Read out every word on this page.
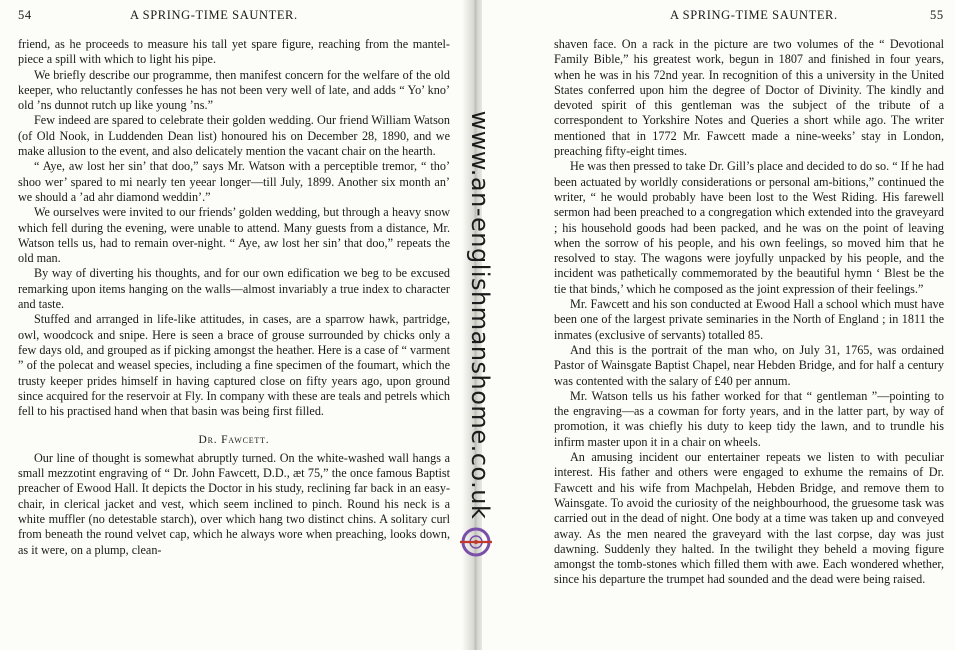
54	A SPRING-TIME SAUNTER.

friend, as he proceeds to measure his tall yet spare figure, reaching from the mantel-piece a spill with which to light his pipe.

We briefly describe our programme, then manifest concern for the welfare of the old keeper, who reluctantly confesses he has not been very well of late, and adds “ Yo’ kno’ old ’ns dunnot rutch up like young ’ns.”

Few indeed are spared to celebrate their golden wedding. Our friend William Watson (of Old Nook, in Luddenden Dean list) honoured his on December 28, 1890, and we make allusion to the event, and also delicately mention the vacant chair on the hearth.

“ Aye, aw lost her sin’ that doo,” says Mr. Watson with a perceptible tremor, “ tho’ shoo wer’ spared to mi nearly ten yeear longer—till July, 1899. Another six month an’ we should a ’ad ahr diamond weddin’.”

We ourselves were invited to our friends’ golden wedding, but through a heavy snow which fell during the evening, were unable to attend. Many guests from a distance, Mr. Watson tells us, had to remain over-night. “ Aye, aw lost her sin’ that doo,” repeats the old man.

By way of diverting his thoughts, and for our own edification we beg to be excused remarking upon items hanging on the walls—almost invariably a true index to character and taste.

Stuffed and arranged in life-like attitudes, in cases, are a sparrow hawk, partridge, owl, woodcock and snipe. Here is seen a brace of grouse surrounded by chicks only a few days old, and grouped as if picking amongst the heather. Here is a case of “ varment ” of the polecat and weasel species, including a fine specimen of the foumart, which the trusty keeper prides himself in having captured close on fifty years ago, upon ground since acquired for the reservoir at Fly. In company with these are teals and petrels which fell to his practised hand when that basin was being first filled.

Dr. Fawcett.

Our line of thought is somewhat abruptly turned. On the white-washed wall hangs a small mezzotint engraving of “ Dr. John Fawcett, D.D., æt 75,” the once famous Baptist preacher of Ewood Hall. It depicts the Doctor in his study, reclining far back in an easy-chair, in clerical jacket and vest, which seem inclined to pinch. Round his neck is a white muffler (no detestable starch), over which hang two distinct chins. A solitary curl from beneath the round velvet cap, which he always wore when preaching, looks down, as it were, on a plump, clean-

A SPRING-TIME SAUNTER.	55

shaven face. On a rack in the picture are two volumes of the “ Devotional Family Bible,” his greatest work, begun in 1807 and finished in four years, when he was in his 72nd year. In recognition of this a university in the United States conferred upon him the degree of Doctor of Divinity. The kindly and devoted spirit of this gentleman was the subject of the tribute of a correspondent to Yorkshire Notes and Queries a short while ago. The writer mentioned that in 1772 Mr. Fawcett made a nine-weeks’ stay in London, preaching fifty-eight times.

He was then pressed to take Dr. Gill’s place and decided to do so. “ If he had been actuated by worldly considerations or personal am-bitions,” continued the writer, “ he would probably have been lost to the West Riding. His farewell sermon had been preached to a congregation which extended into the graveyard ; his household goods had been packed, and he was on the point of leaving when the sorrow of his people, and his own feelings, so moved him that he resolved to stay. The wagons were joyfully unpacked by his people, and the incident was pathetically commemorated by the beautiful hymn ‘ Blest be the tie that binds,’ which he composed as the joint expression of their feelings.”

Mr. Fawcett and his son conducted at Ewood Hall a school which must have been one of the largest private seminaries in the North of England ; in 1811 the inmates (exclusive of servants) totalled 85.

And this is the portrait of the man who, on July 31, 1765, was ordained Pastor of Wainsgate Baptist Chapel, near Hebden Bridge, and for half a century was contented with the salary of £40 per annum.

Mr. Watson tells us his father worked for that “ gentleman ”—pointing to the engraving—as a cowman for forty years, and in the latter part, by way of promotion, it was chiefly his duty to keep tidy the lawn, and to trundle his infirm master upon it in a chair on wheels.

An amusing incident our entertainer repeats we listen to with peculiar interest. His father and others were engaged to exhume the remains of Dr. Fawcett and his wife from Machpelah, Hebden Bridge, and remove them to Wainsgate. To avoid the curiosity of the neighbourhood, the gruesome task was carried out in the dead of night. One body at a time was taken up and conveyed away. As the men neared the graveyard with the last corpse, day was just dawning. Suddenly they halted. In the twilight they beheld a moving figure amongst the tomb-stones which filled them with awe. Each wondered whether, since his departure the trumpet had sounded and the dead were being raised.

www.an-englishmanshome.co.uk
